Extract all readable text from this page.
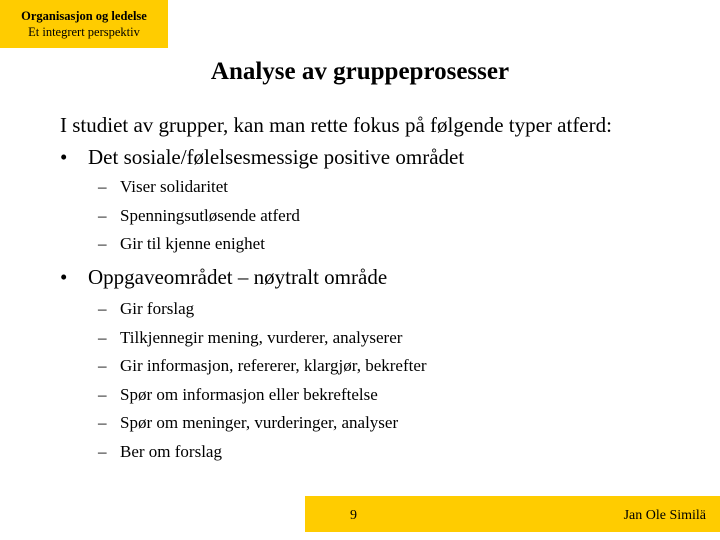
Organisasjon og ledelse
Et integrert perspektiv
Analyse av gruppeprosesser
I studiet av grupper, kan man rette fokus på følgende typer atferd:
• Det sosiale/følelsesmessige positive området
– Viser solidaritet
– Spenningsutløsende atferd
– Gir til kjenne enighet
• Oppgaveområdet – nøytralt område
– Gir forslag
– Tilkjennegir mening, vurderer, analyserer
– Gir informasjon, refererer, klargjør, bekrefter
– Spør om informasjon eller bekreftelse
– Spør om meninger, vurderinger, analyser
– Ber om forslag
9	Jan Ole Similä
